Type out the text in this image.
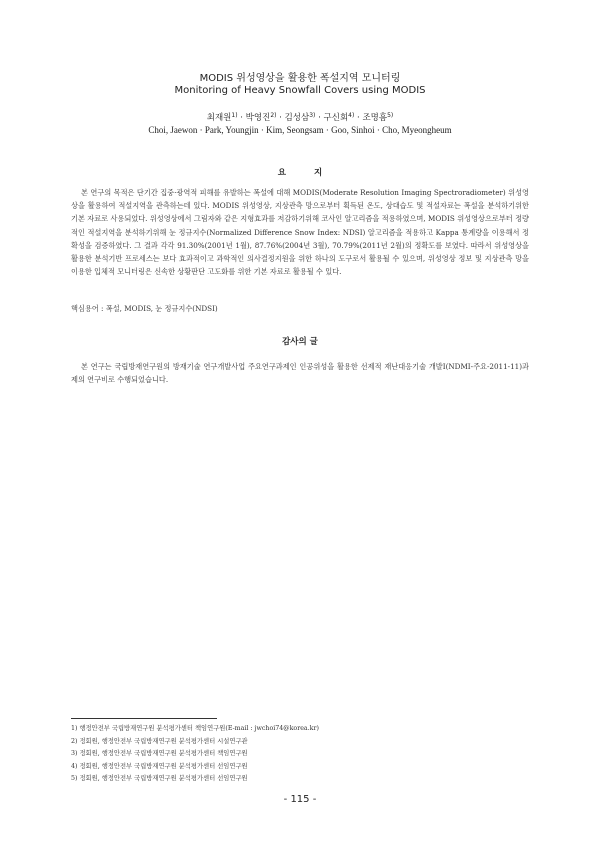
MODIS 위성영상을 활용한 폭설지역 모니터링
Monitoring of Heavy Snowfall Covers using MODIS
최재원$^{1)}$ · 박영진$^{2)}$ · 김성삼$^{3)}$ · 구신회$^{4)}$ · 조명흠$^{5)}$
Choi, Jaewon · Park, Youngjin · Kim, Seongsam · Goo, Sinhoi · Cho, Myeongheum
요지

본 연구의 목적은 단기간 집중·광역적 피해를 유발하는 폭설에 대해 MODIS(Moderate Resolution Imaging Spectroradiometer) 위성영상을 활용하여 적설지역을 관측하는데 있다. MODIS 위성영상, 지상관측 망으로부터 획득된 온도, 상대습도 및 적설자료는 폭설을 분석하기위한 기본 자료로 사용되었다. 위성영상에서 그림자와 같은 지형효과를 저감하기위해 코사인 알고리즘을 적용하였으며, MODIS 위성영상으로부터 정량적인 적설지역을 분석하기위해 눈 정규지수(Normalized Difference Snow Index: NDSI) 알고리즘을 적용하고 Kappa 통계량을 이용해서 정확성을 검증하였다. 그 결과 각각 91.30%(2001년 1월), 87.76%(2004년 3월), 70.79%(2011년 2월)의 정확도를 보였다. 따라서 위성영상을 활용한 분석기반 프로세스는 보다 효과적이고 과학적인 의사결정지원을 위한 하나의 도구로서 활용될 수 있으며, 위성영상 정보 및 지상관측 망을 이용한 입체적 모니터링은 신속한 상황판단 고도화를 위한 기본 자료로 활용될 수 있다.

핵심용어 : 폭설, MODIS, 눈 정규지수(NDSI)
감사의 글

본 연구는 국립방재연구원의 방재기술 연구개발사업 주요연구과제인 인공위성을 활용한 선제적 재난대응기술 개발I(NDMI-주요-2011-11)과제의 연구비로 수행되었습니다.

1) 행정안전부 국립방재연구원 분석평가센터 책임연구원(E-mail : jwchoi74@korea.kr)
2) 정회원, 행정안전부 국립방재연구원 분석평가센터 시설연구관
3) 정회원, 행정안전부 국립방재연구원 분석평가센터 책임연구원
4) 정회원, 행정안전부 국립방재연구원 분석평가센터 선임연구원
5) 정회원, 행정안전부 국립방재연구원 분석평가센터 선임연구원
- 115 -
